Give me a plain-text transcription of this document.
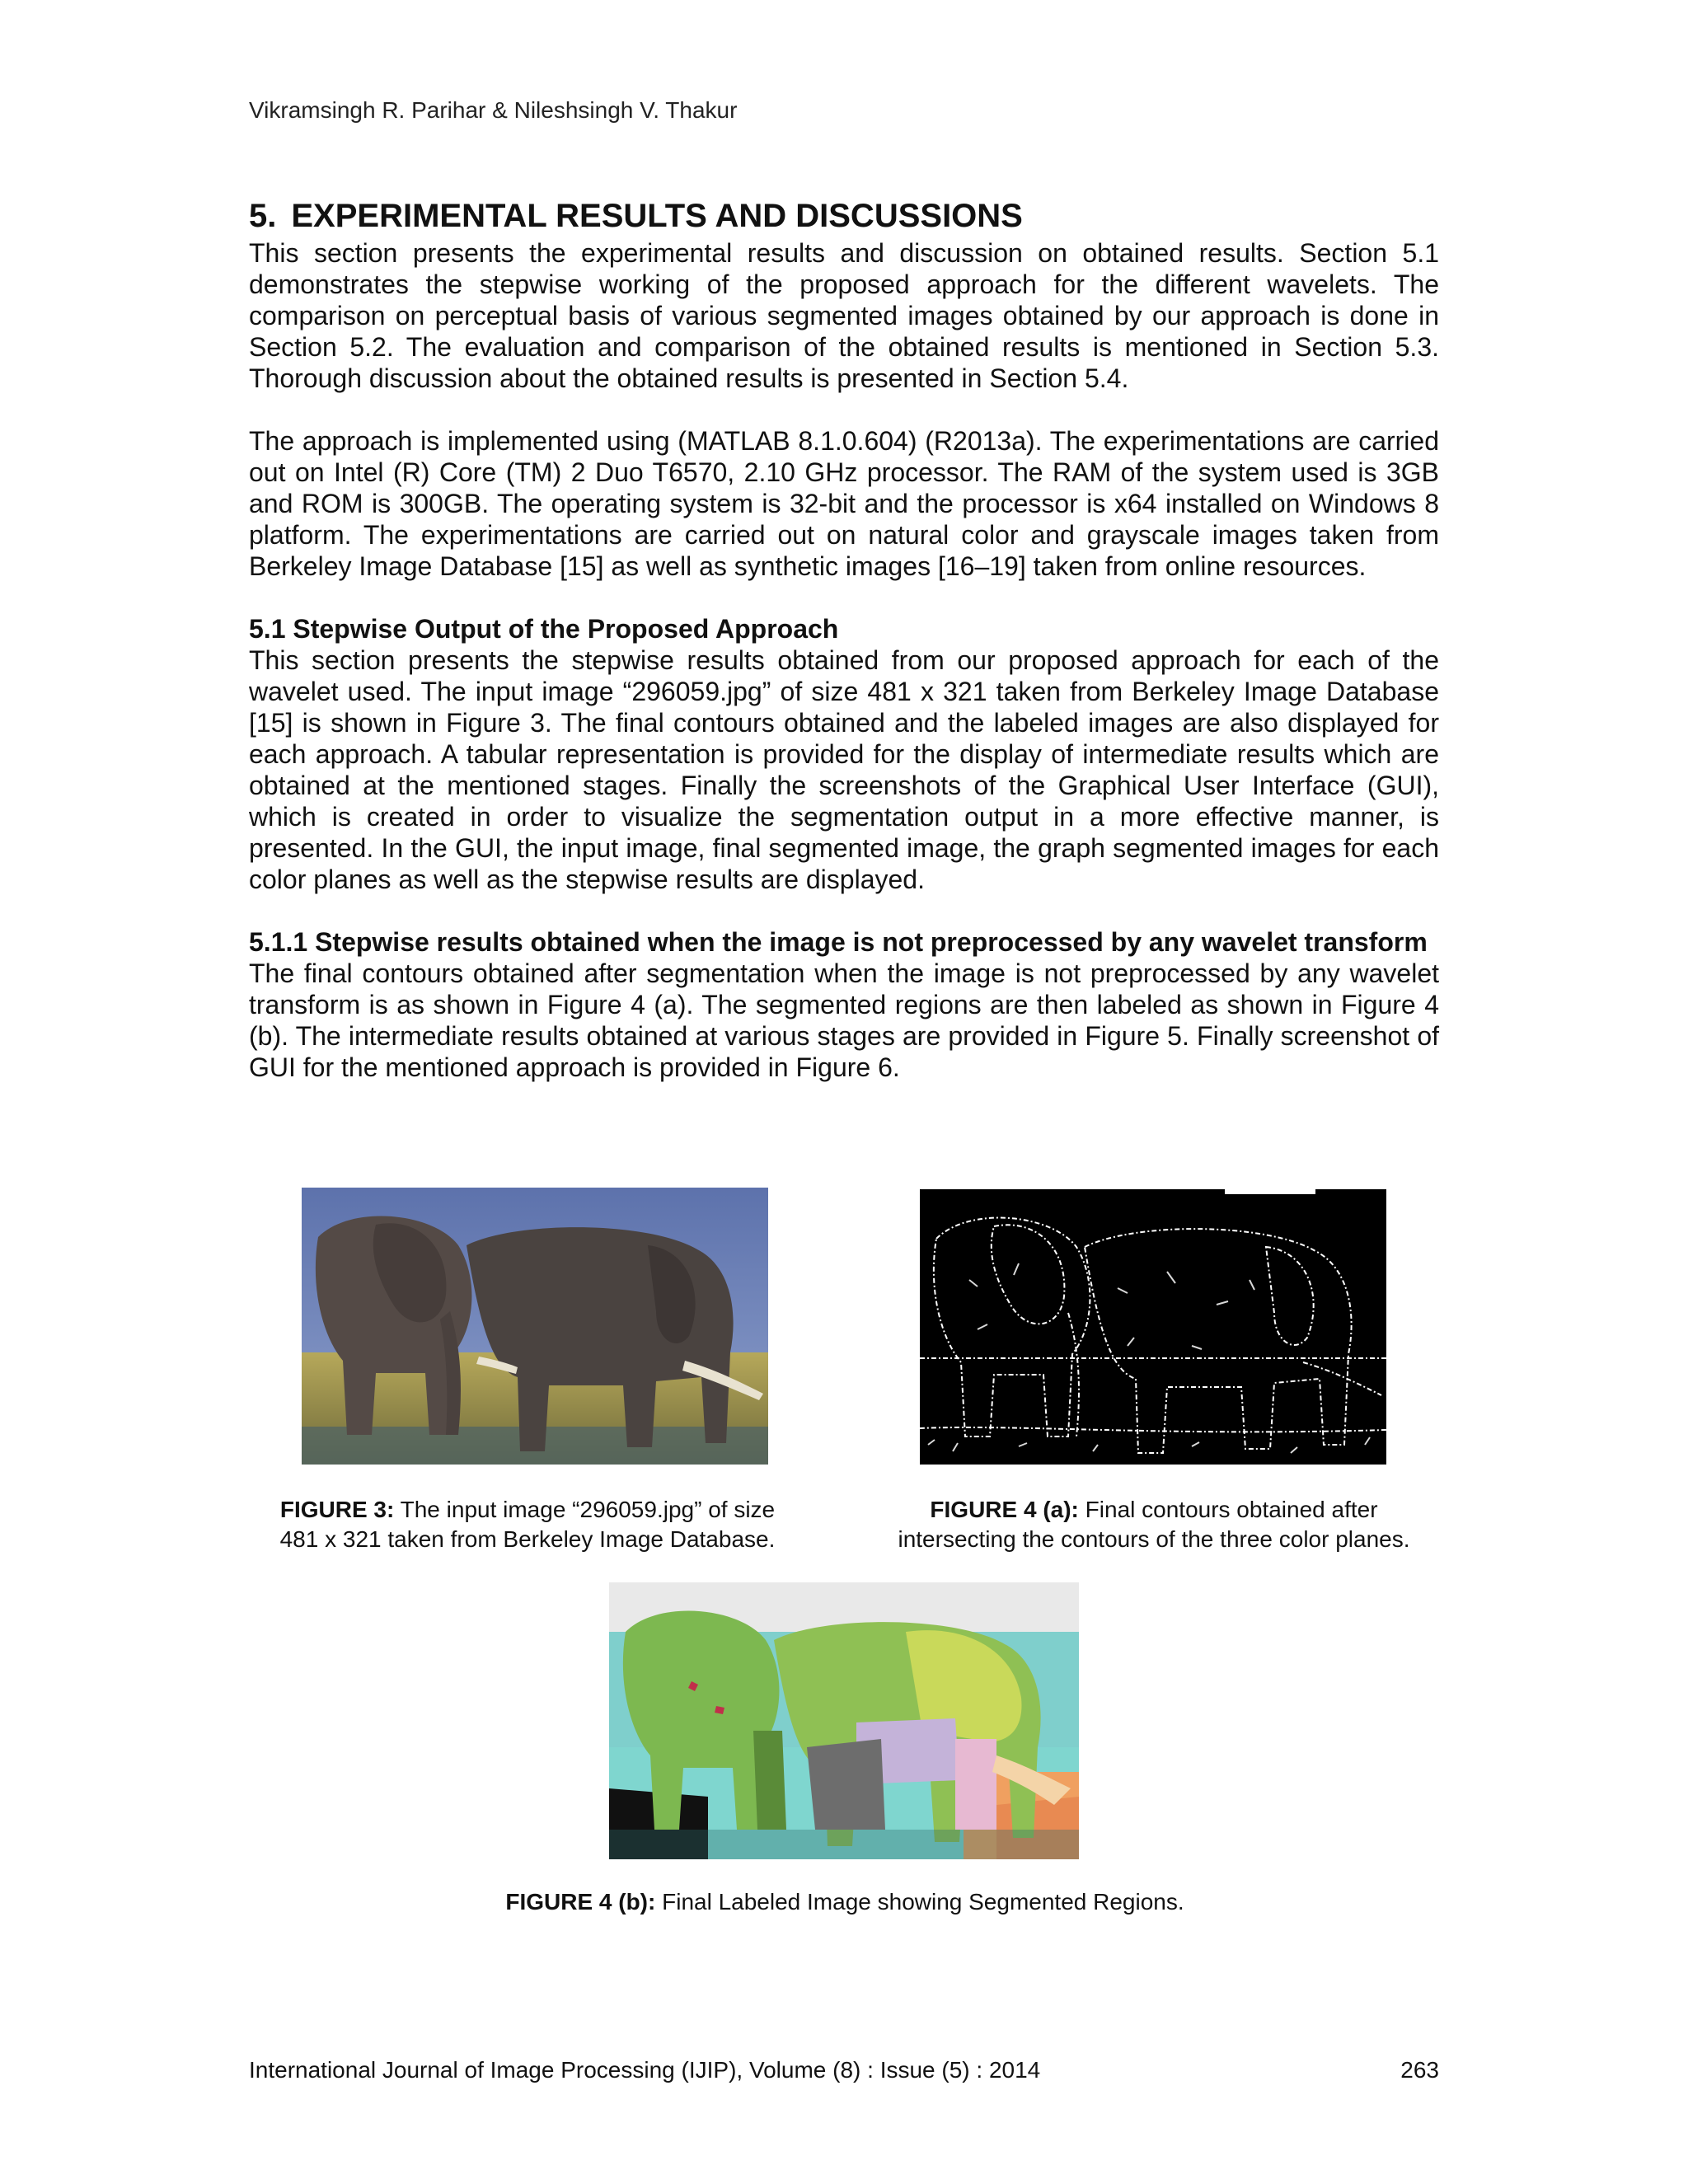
Vikramsingh R. Parihar & Nileshsingh V. Thakur
5. EXPERIMENTAL RESULTS AND DISCUSSIONS

This section presents the experimental results and discussion on obtained results. Section 5.1 demonstrates the stepwise working of the proposed approach for the different wavelets. The comparison on perceptual basis of various segmented images obtained by our approach is done in Section 5.2. The evaluation and comparison of the obtained results is mentioned in Section 5.3. Thorough discussion about the obtained results is presented in Section 5.4.

The approach is implemented using (MATLAB 8.1.0.604) (R2013a). The experimentations are carried out on Intel (R) Core (TM) 2 Duo T6570, 2.10 GHz processor. The RAM of the system used is 3GB and ROM is 300GB. The operating system is 32-bit and the processor is x64 installed on Windows 8 platform. The experimentations are carried out on natural color and grayscale images taken from Berkeley Image Database [15] as well as synthetic images [16–19] taken from online resources.

5.1 Stepwise Output of the Proposed Approach

This section presents the stepwise results obtained from our proposed approach for each of the wavelet used. The input image “296059.jpg” of size 481 x 321 taken from Berkeley Image Database [15] is shown in Figure 3. The final contours obtained and the labeled images are also displayed for each approach. A tabular representation is provided for the display of intermediate results which are obtained at the mentioned stages. Finally the screenshots of the Graphical User Interface (GUI), which is created in order to visualize the segmentation output in a more effective manner, is presented. In the GUI, the input image, final segmented image, the graph segmented images for each color planes as well as the stepwise results are displayed.

5.1.1 Stepwise results obtained when the image is not preprocessed by any wavelet transform

The final contours obtained after segmentation when the image is not preprocessed by any wavelet transform is as shown in Figure 4 (a). The segmented regions are then labeled as shown in Figure 4 (b). The intermediate results obtained at various stages are provided in Figure 5. Finally screenshot of GUI for the mentioned approach is provided in Figure 6.

FIGURE 3: The input image “296059.jpg” of size
481 x 321 taken from Berkeley Image Database.
FIGURE 4 (a): Final contours obtained after
intersecting the contours of the three color planes.
FIGURE 4 (b): Final Labeled Image showing Segmented Regions.
International Journal of Image Processing (IJIP), Volume (8) : Issue (5) : 2014	263
